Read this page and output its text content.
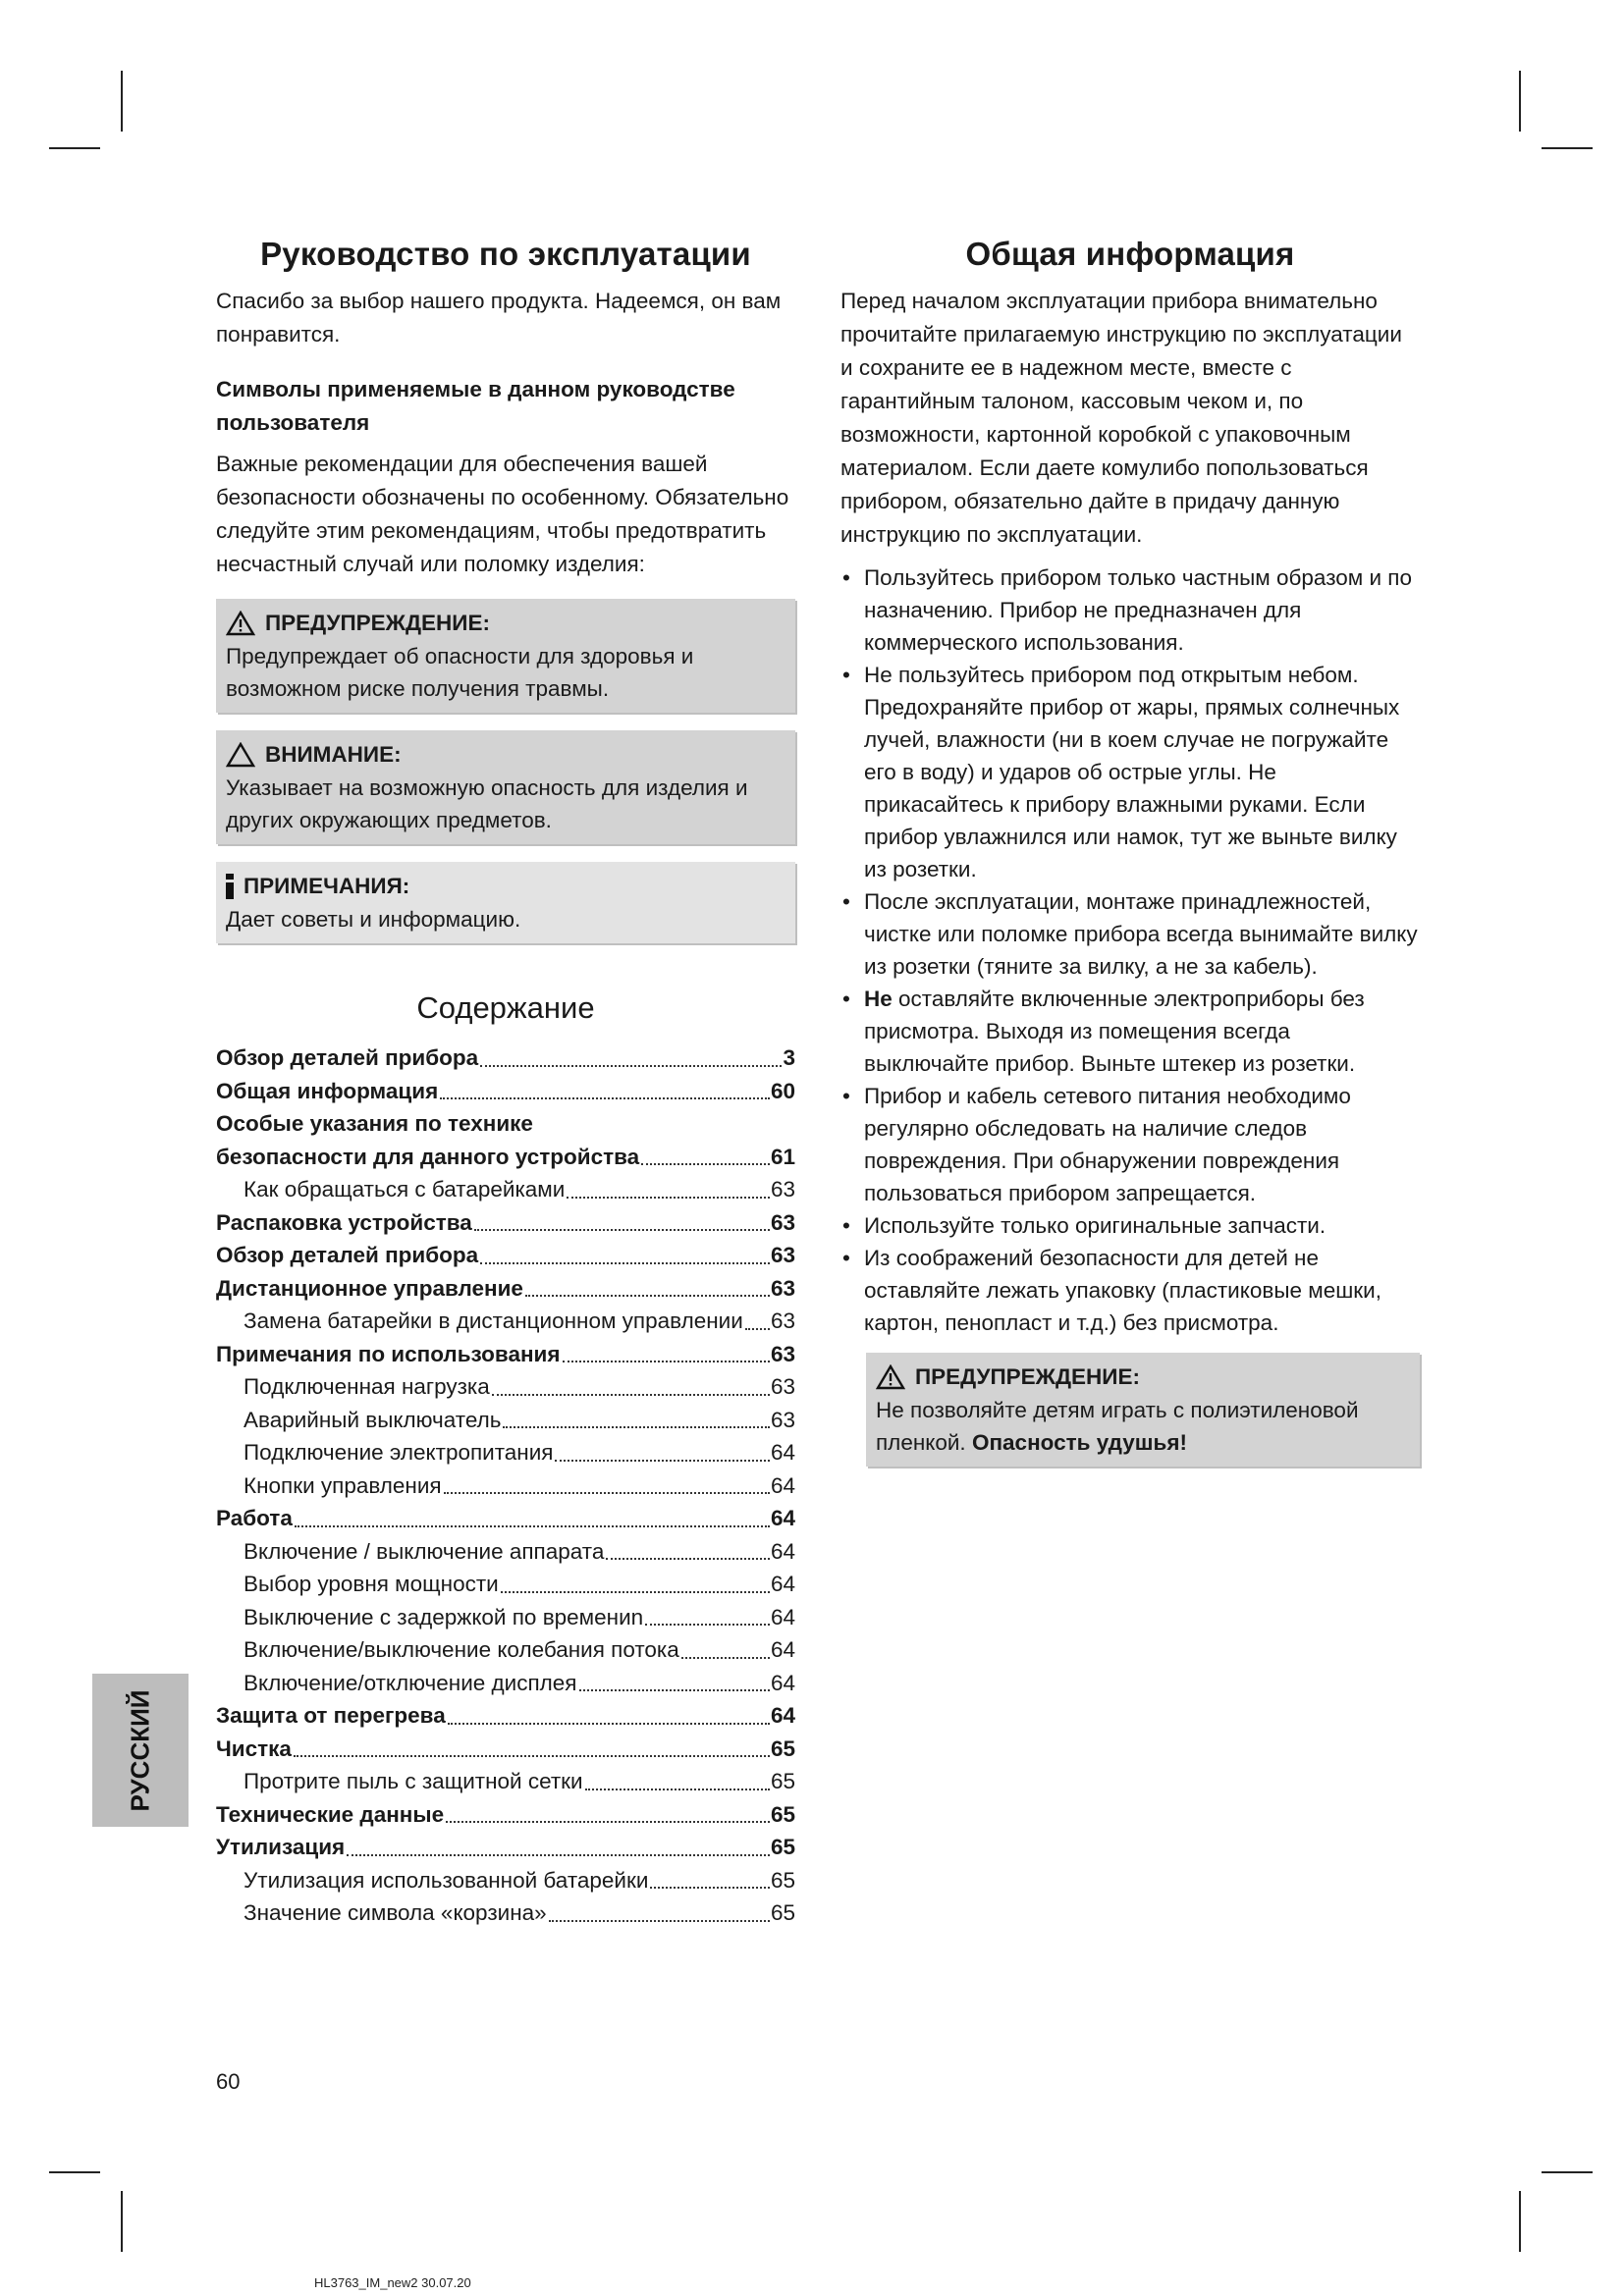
Руководство по эксплуатации

Спасибо за выбор нашего продукта. Надеемся, он вам понравится.

Символы применяемые в данном руководстве пользователя

Важные рекомендации для обеспечения вашей безопасности обозначены по особенному. Обязательно следуйте этим рекомендациям, чтобы предотвратить несчастный случай или поломку изделия:

ПРЕДУПРЕЖДЕНИЕ:
Предупреждает об опасности для здоровья и возможном риске получения травмы.
ВНИМАНИЕ:
Указывает на возможную опасность для изделия и других окружающих предметов.
ПРИМЕЧАНИЯ:
Дает советы и информацию.
Содержание
Обзор деталей прибора	3
Общая информация	60
Особые указания по технике
безопасности для данного устройства	61
Как обращаться с батарейками	63
Распаковка устройства	63
Обзор деталей прибора	63
Дистанционное управление	63
Замена батарейки в дистанционном управлении 63
Примечания по использования	63
Подключенная нагрузка	63
Аварийный выключатель	63
Подключение электропитания	64
Кнопки управления	64
Работа	64
Включение / выключение аппарата	64
Выбор уровня мощности	64
Выключение с задержкой по времениn	64
Включение/выключение колебания потока	64
Включение/отключение дисплея	64
Защита от перегрева	64
Чистка	65
Протрите пыль с защитной сетки	65
Технические данные	65
Утилизация	65
Утилизация использованной батарейки	65
Значение символа «корзина»	65
Общая информация

Перед началом эксплуатации прибора внимательно прочитайте прилагаемую инструкцию по эксплуатации и сохраните ее в надежном месте, вместе с гарантийным талоном, кассовым чеком и, по возможности, картонной коробкой с упаковочным материалом. Если даете комулибо попользоваться прибором, обязательно дайте в придачу данную инструкцию по эксплуатации.

• Пользуйтесь прибором только частным образом и по назначению. Прибор не предназначен для коммерческого использования.
• Не пользуйтесь прибором под открытым небом. Предохраняйте прибор от жары, прямых солнечных лучей, влажности (ни в коем случае не погружайте его в воду) и ударов об острые углы. Не прикасайтесь к прибору влажными руками. Если прибор увлажнился или намок, тут же выньте вилку из розетки.
• После эксплуатации, монтаже принадлежностей, чистке или поломке прибора всегда вынимайте вилку из розетки (тяните за вилку, а не за кабель).
• Не оставляйте включенные электроприборы без присмотра. Выходя из помещения всегда выключайте прибор. Выньте штекер из розетки.
• Прибор и кабель сетевого питания необходимо регулярно обследовать на наличие следов повреждения. При обнаружении повреждения пользоваться прибором запрещается.
• Используйте только оригинальные запчасти.
• Из соображений безопасности для детей не оставляйте лежать упаковку (пластиковые мешки, картон, пенопласт и т.д.) без присмотра.
ПРЕДУПРЕЖДЕНИЕ:
Не позволяйте детям играть с полиэтиленовой пленкой. Опасность удушья!
РУССКИЙ
60
HL3763_IM_new2 30.07.20
